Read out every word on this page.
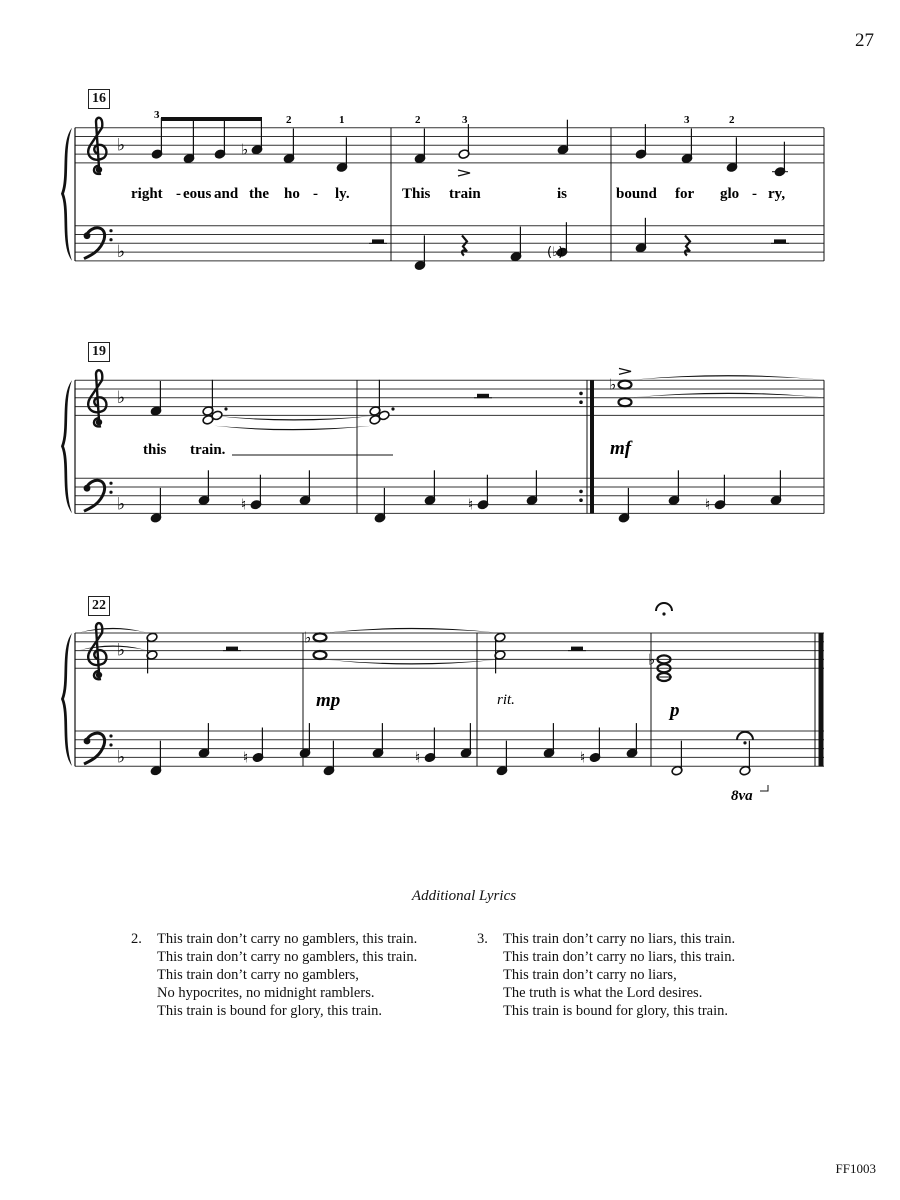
27
♭
♭
♭
♭
♭
♭
♭
♭
♮	♮	♮
♭
♭
♮	♮	♮
right - eous and the ho - ly.	This train	is	bound for glo - ry,
3	2	1	2	3	3	2
(♭)
this train.	mf
mp	rit.	p
8va
16
19
22
Additional Lyrics
2. This train don’t carry no gamblers, this train.
This train don’t carry no gamblers, this train.
This train don’t carry no gamblers,
No hypocrites, no midnight ramblers.
This train is bound for glory, this train.
3. This train don’t carry no liars, this train.
This train don’t carry no liars, this train.
This train don’t carry no liars,
The truth is what the Lord desires.
This train is bound for glory, this train.
FF1003
